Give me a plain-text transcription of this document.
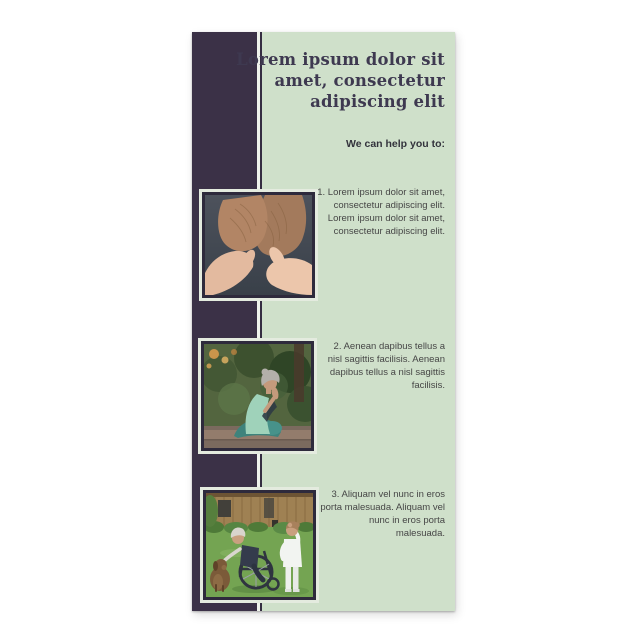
Lorem ipsum dolor sit
amet, consectetur
adipiscing elit
We can help you to:
1. Lorem ipsum dolor sit amet,
consectetur adipiscing elit.
Lorem ipsum dolor sit amet,
consectetur adipiscing elit.
2. Aenean dapibus tellus a
nisl sagittis facilisis. Aenean
dapibus tellus a nisl sagittis
facilisis.
3. Aliquam vel nunc in eros
porta malesuada. Aliquam vel
nunc in eros porta
malesuada.
